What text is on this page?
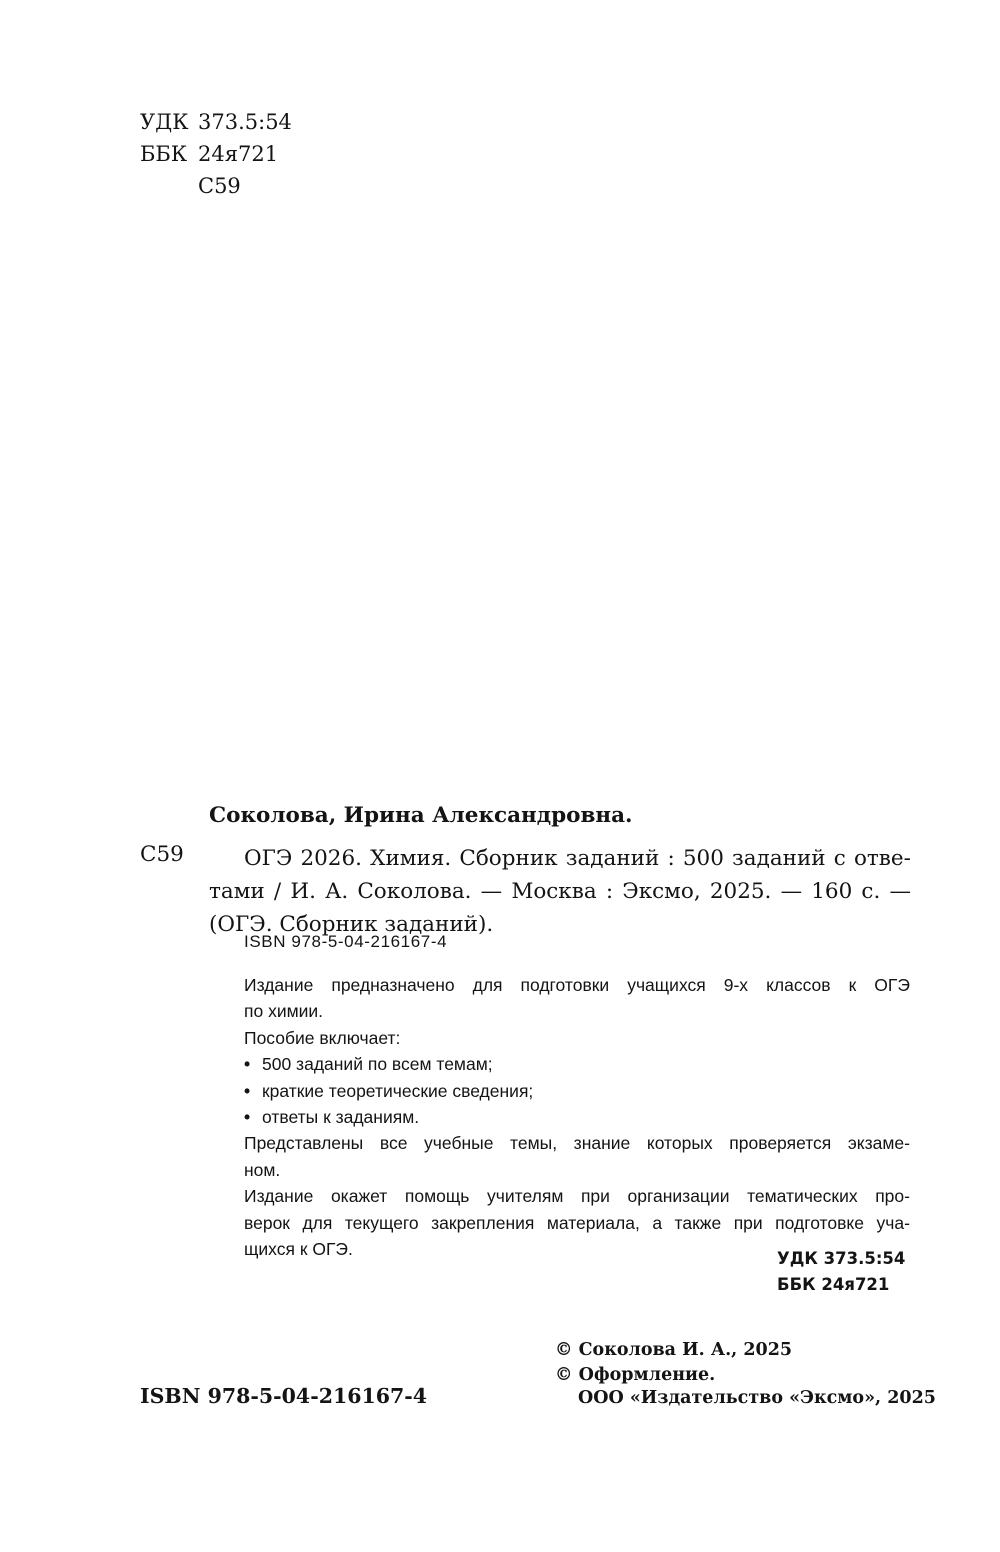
УДК 373.5:54
ББК 24я721
С59
Соколова, Ирина Александровна.
С59	ОГЭ 2026. Химия. Сборник заданий : 500 заданий с отве-
тами / И. А. Соколова. — Москва : Эксмо, 2025. — 160 с. —
(ОГЭ. Сборник заданий).
ISBN 978-5-04-216167-4
Издание предназначено для подготовки учащихся 9-х классов к ОГЭ
по химии.
Пособие включает:
• 500 заданий по всем темам;
• краткие теоретические сведения;
• ответы к заданиям.
Представлены все учебные темы, знание которых проверяется экзаме-
ном.
Издание окажет помощь учителям при организации тематических про-
верок для текущего закрепления материала, а также при подготовке уча-
щихся к ОГЭ.	УДК 373.5:54
ББК 24я721
© Соколова И. А., 2025
© Оформление.
ООО «Издательство «Эксмо», 2025
ISBN 978-5-04-216167-4
